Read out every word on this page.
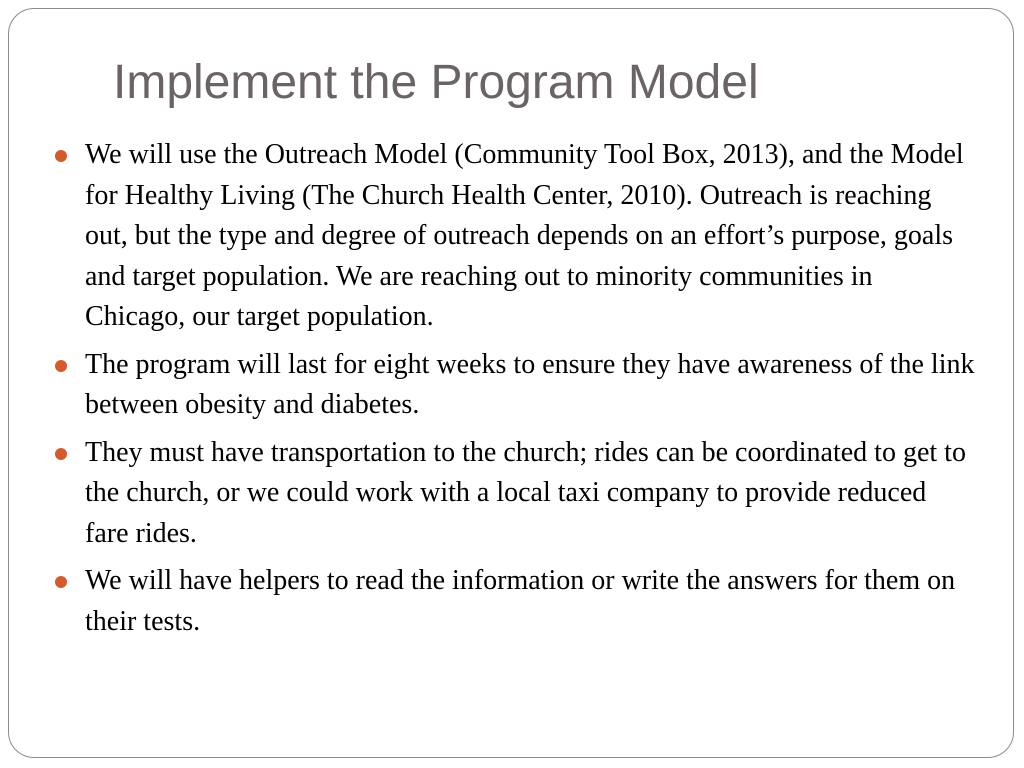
Implement the Program Model
We will use the Outreach Model (Community Tool Box, 2013), and the Model for Healthy Living (The Church Health Center, 2010). Outreach is reaching out, but the type and degree of outreach depends on an effort’s purpose, goals and target population. We are reaching out to minority communities in Chicago, our target population.
The program will last for eight weeks to ensure they have awareness of the link between obesity and diabetes.
They must have transportation to the church; rides can be coordinated to get to the church, or we could work with a local taxi company to provide reduced fare rides.
We will have helpers to read the information or write the answers for them on their tests.
